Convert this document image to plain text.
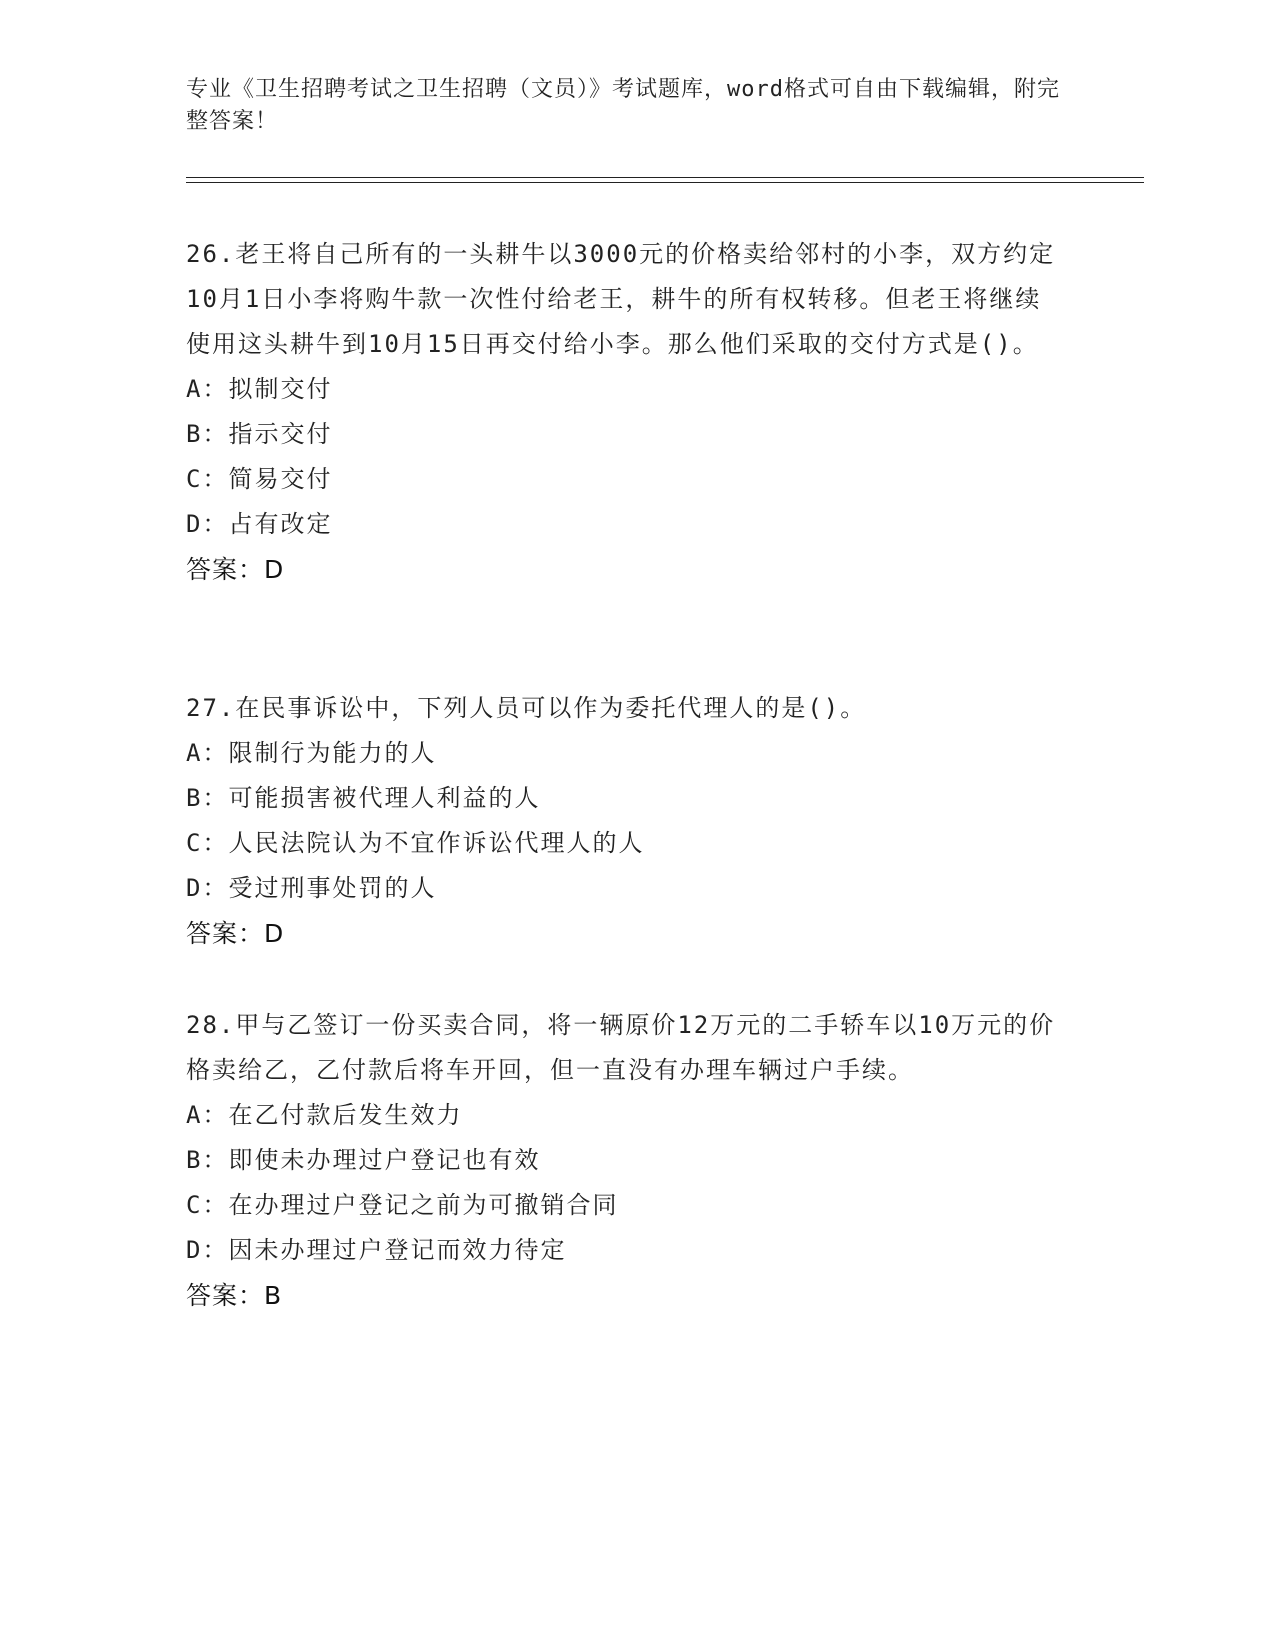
专业《卫生招聘考试之卫生招聘（文员）》考试题库，word格式可自由下载编辑，附完整答案！

26.老王将自己所有的一头耕牛以3000元的价格卖给邻村的小李，双方约定10月1日小李将购牛款一次性付给老王，耕牛的所有权转移。但老王将继续使用这头耕牛到10月15日再交付给小李。那么他们采取的交付方式是()。

A：拟制交付

B：指示交付

C：简易交付

D：占有改定

答案：D

27.在民事诉讼中，下列人员可以作为委托代理人的是()。

A：限制行为能力的人

B：可能损害被代理人利益的人

C：人民法院认为不宜作诉讼代理人的人

D：受过刑事处罚的人

答案：D

28.甲与乙签订一份买卖合同，将一辆原价12万元的二手轿车以10万元的价格卖给乙，乙付款后将车开回，但一直没有办理车辆过户手续。

A：在乙付款后发生效力

B：即使未办理过户登记也有效

C：在办理过户登记之前为可撤销合同

D：因未办理过户登记而效力待定

答案：B
